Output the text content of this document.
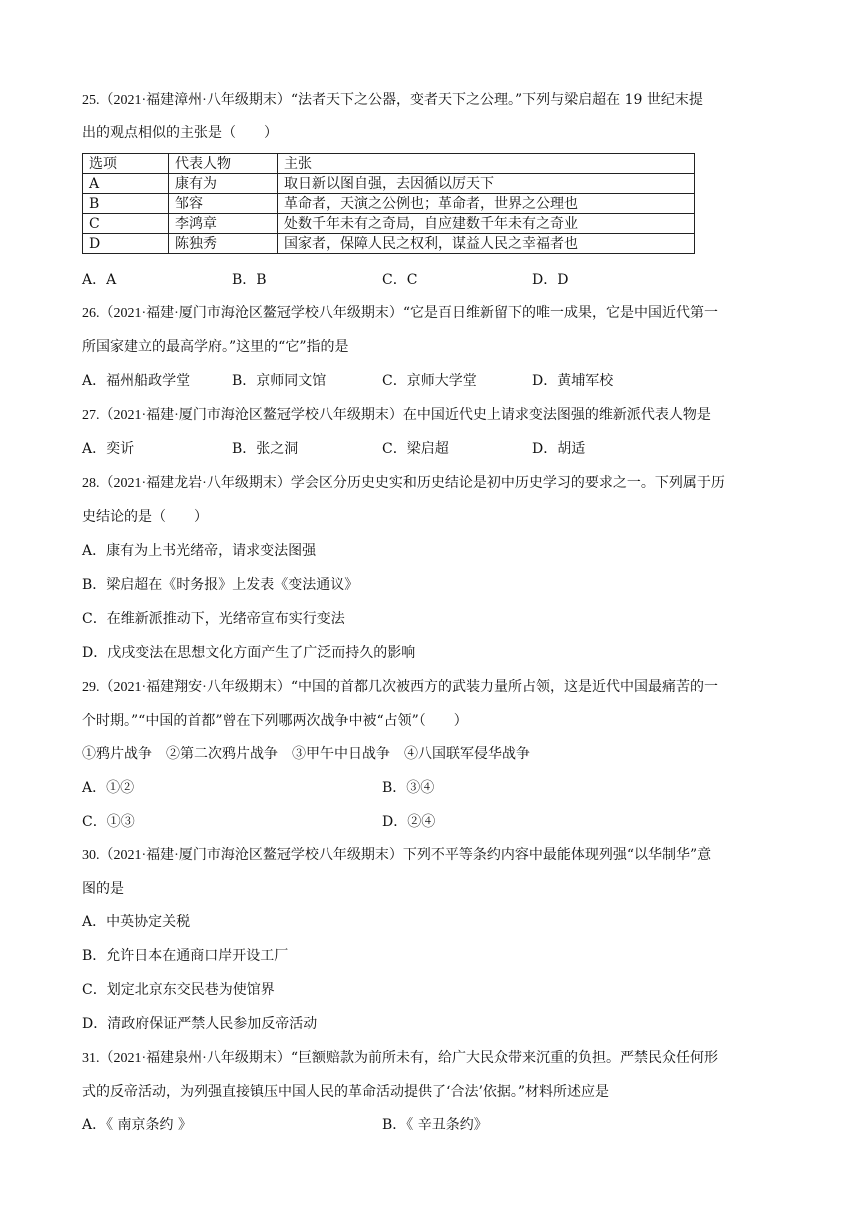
25.（2021·福建漳州·八年级期末）“法者天下之公器，变者天下之公理。”下列与梁启超在 19 世纪末提
出的观点相似的主张是（　　）
选项	代表人物	主张
A	康有为	取日新以图自强，去因循以厉天下
B	邹容	革命者，天演之公例也；革命者，世界之公理也
C	李鸿章	处数千年未有之奇局，自应建数千年未有之奇业
D	陈独秀	国家者，保障人民之权利，谋益人民之幸福者也
A．A	B．B	C．C	D．D
26.（2021·福建·厦门市海沧区鳌冠学校八年级期末）“它是百日维新留下的唯一成果，它是中国近代第一
所国家建立的最高学府。”这里的“它”指的是
A．福州船政学堂	B．京师同文馆	C．京师大学堂	D．黄埔军校
27.（2021·福建·厦门市海沧区鳌冠学校八年级期末）在中国近代史上请求变法图强的维新派代表人物是
A．奕䜣	B．张之洞	C．梁启超	D．胡适
28.（2021·福建龙岩·八年级期末）学会区分历史史实和历史结论是初中历史学习的要求之一。下列属于历
史结论的是（　　）
A．康有为上书光绪帝，请求变法图强
B．梁启超在《时务报》上发表《变法通议》
C．在维新派推动下，光绪帝宣布实行变法
D．戊戌变法在思想文化方面产生了广泛而持久的影响
29.（2021·福建翔安·八年级期末）“中国的首都几次被西方的武装力量所占领，这是近代中国最痛苦的一
个时期。”“中国的首都”曾在下列哪两次战争中被“占领”（　　）
①鸦片战争　②第二次鸦片战争　③甲午中日战争　④八国联军侵华战争
A．①②	B．③④
C．①③	D．②④
30.（2021·福建·厦门市海沧区鳌冠学校八年级期末）下列不平等条约内容中最能体现列强“以华制华”意
图的是
A．中英协定关税
B．允许日本在通商口岸开设工厂
C．划定北京东交民巷为使馆界
D．清政府保证严禁人民参加反帝活动
31.（2021·福建泉州·八年级期末）“巨额赔款为前所未有，给广大民众带来沉重的负担。严禁民众任何形
式的反帝活动，为列强直接镇压中国人民的革命活动提供了‘合法’依据。”材料所述应是
A．《 南京条约 》	B．《 辛丑条约》
